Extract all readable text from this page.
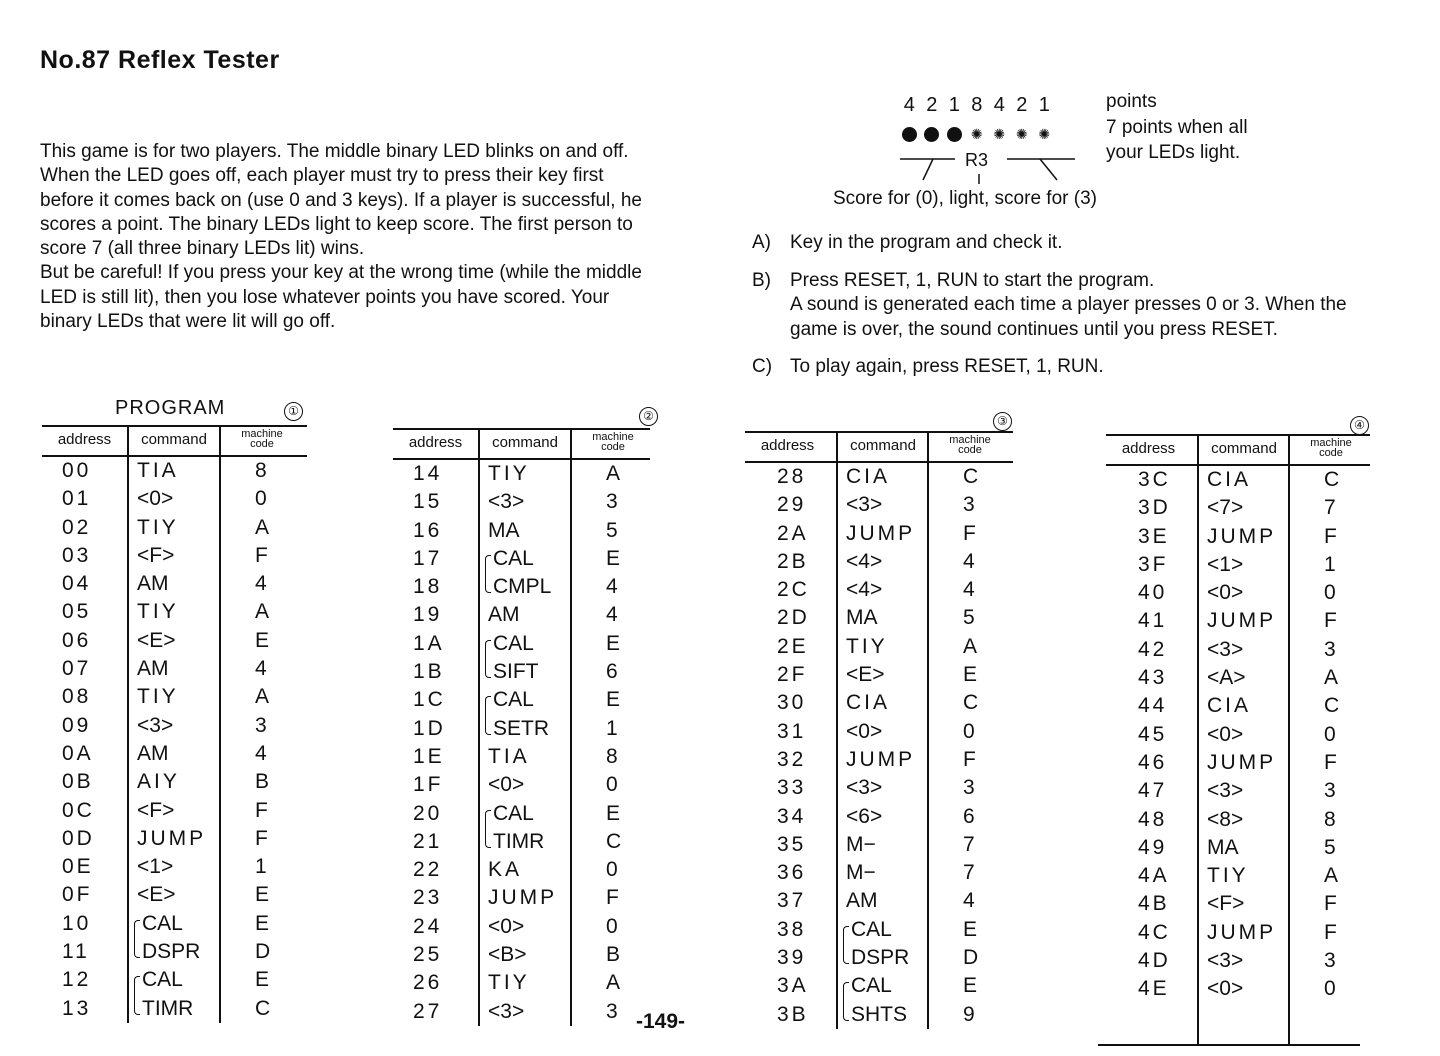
No.87 Reflex Tester

This game is for two players. The middle binary LED blinks on and off. When the LED goes off, each player must try to press their key first before it comes back on (use 0 and 3 keys). If a player is successful, he scores a point. The binary LEDs light to keep score. The first person to score 7 (all three binary LEDs lit) wins.

But be careful! If you press your key at the wrong time (while the middle LED is still lit), then you lose whatever points you have scored. Your binary LEDs that were lit will go off.

4 2 1 8 4 2 1
✺ ✺ ✺ ✺
R3
Score for (0), light, score for (3)
points
7 points when all
your LEDs light.
A)	Key in the program and check it.
B)	Press RESET, 1, RUN to start the program.
A sound is generated each time a player presses 0 or 3. When the game is over, the sound continues until you press RESET.
C) To play again, press RESET, 1, RUN.
PROGRAM	①
address	command	machine
code
00 TIA	8
01 <0>	0
02 TIY	A
03 <F>	F
04 AM	4
05 TIY	A
06 <E>	E
07 AM	4
08 TIY	A
09 <3>	3
0A AM	4
0B AIY	B
0C <F>	F
0D JUMP F
0E <1>	1
0F <E>	E
10 CAL	E
11 DSPR	D
12 CAL	E
13 TIMR	C
②
address	command	machine
code
14 TIY	A
15 <3>	3
16 MA	5
17 CAL	E
18 CMPL	4
19 AM	4
1A CAL	E
1B SIFT	6
1C CAL	E
1D SETR	1
1E TIA	8
1F <0>	0
20 CAL	E
21 TIMR	C
22 KA	0
23 JUMP F
24 <0>	0
25 <B>	B
26 TIY	A
27 <3>	3
③
address	command	machine
code
28 CIA	C
29 <3>	3
2A JUMP F
2B <4>	4
2C <4>	4
2D MA	5
2E TIY	A
2F <E>	E
30 CIA	C
31 <0>	0
32 JUMP F
33 <3>	3
34 <6>	6
35 M−	7
36 M−	7
37 AM	4
38 CAL	E
39 DSPR	D
3A CAL	E
3B SHTS	9
④
address	command	machine
code
3C CIA	C
3D <7>	7
3E JUMP F
3F <1>	1
40 <0>	0
41 JUMP F
42 <3>	3
43 <A>	A
44 CIA	C
45 <0>	0
46 JUMP F
47 <3>	3
48 <8>	8
49 MA	5
4A TIY	A
4B <F>	F
4C JUMP F
4D <3>	3
4E <0>	0
-149-
